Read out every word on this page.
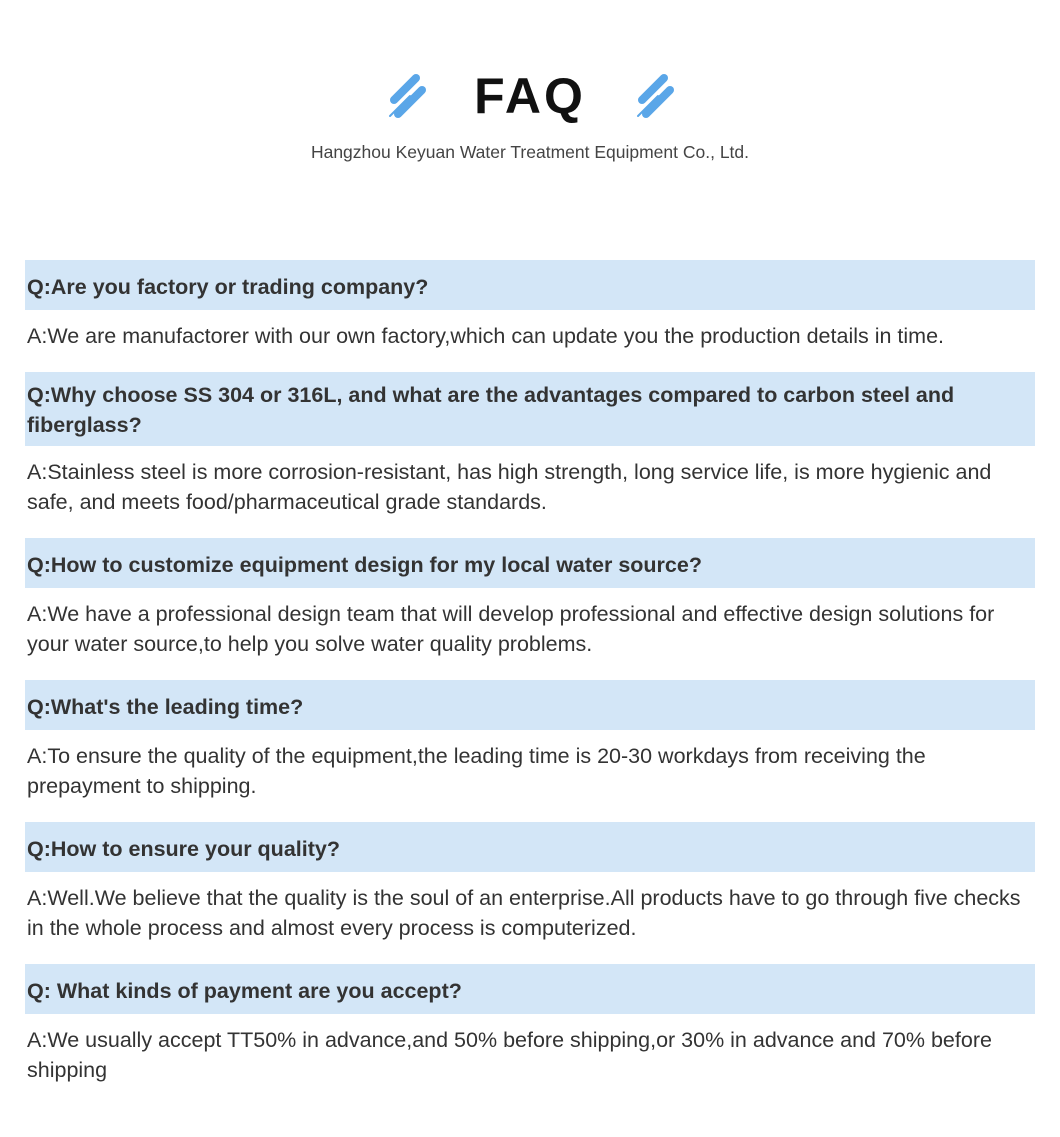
FAQ
Hangzhou Keyuan Water Treatment Equipment Co., Ltd.
Q:Are you factory or trading company?
A:We are manufactorer with our own factory,which can update you the production details in time.
Q:Why choose SS 304 or 316L, and what are the advantages compared to carbon steel and fiberglass?
A:Stainless steel is more corrosion-resistant, has high strength, long service life, is more hygienic and safe, and meets food/pharmaceutical grade standards.
Q:How to customize equipment design for my local water source?
A:We have a professional design team that will develop professional and effective design solutions for your water source,to help you solve water quality problems.
Q:What's the leading time?
A:To ensure the quality of the equipment,the leading time is 20-30 workdays from receiving the prepayment to shipping.
Q:How to ensure your quality?
A:Well.We believe that the quality is the soul of an enterprise.All products have to go through five checks in the whole process and almost every process is computerized.
Q: What kinds of payment are you accept?
A:We usually accept TT50% in advance,and 50% before shipping,or 30% in advance and 70% before shipping
